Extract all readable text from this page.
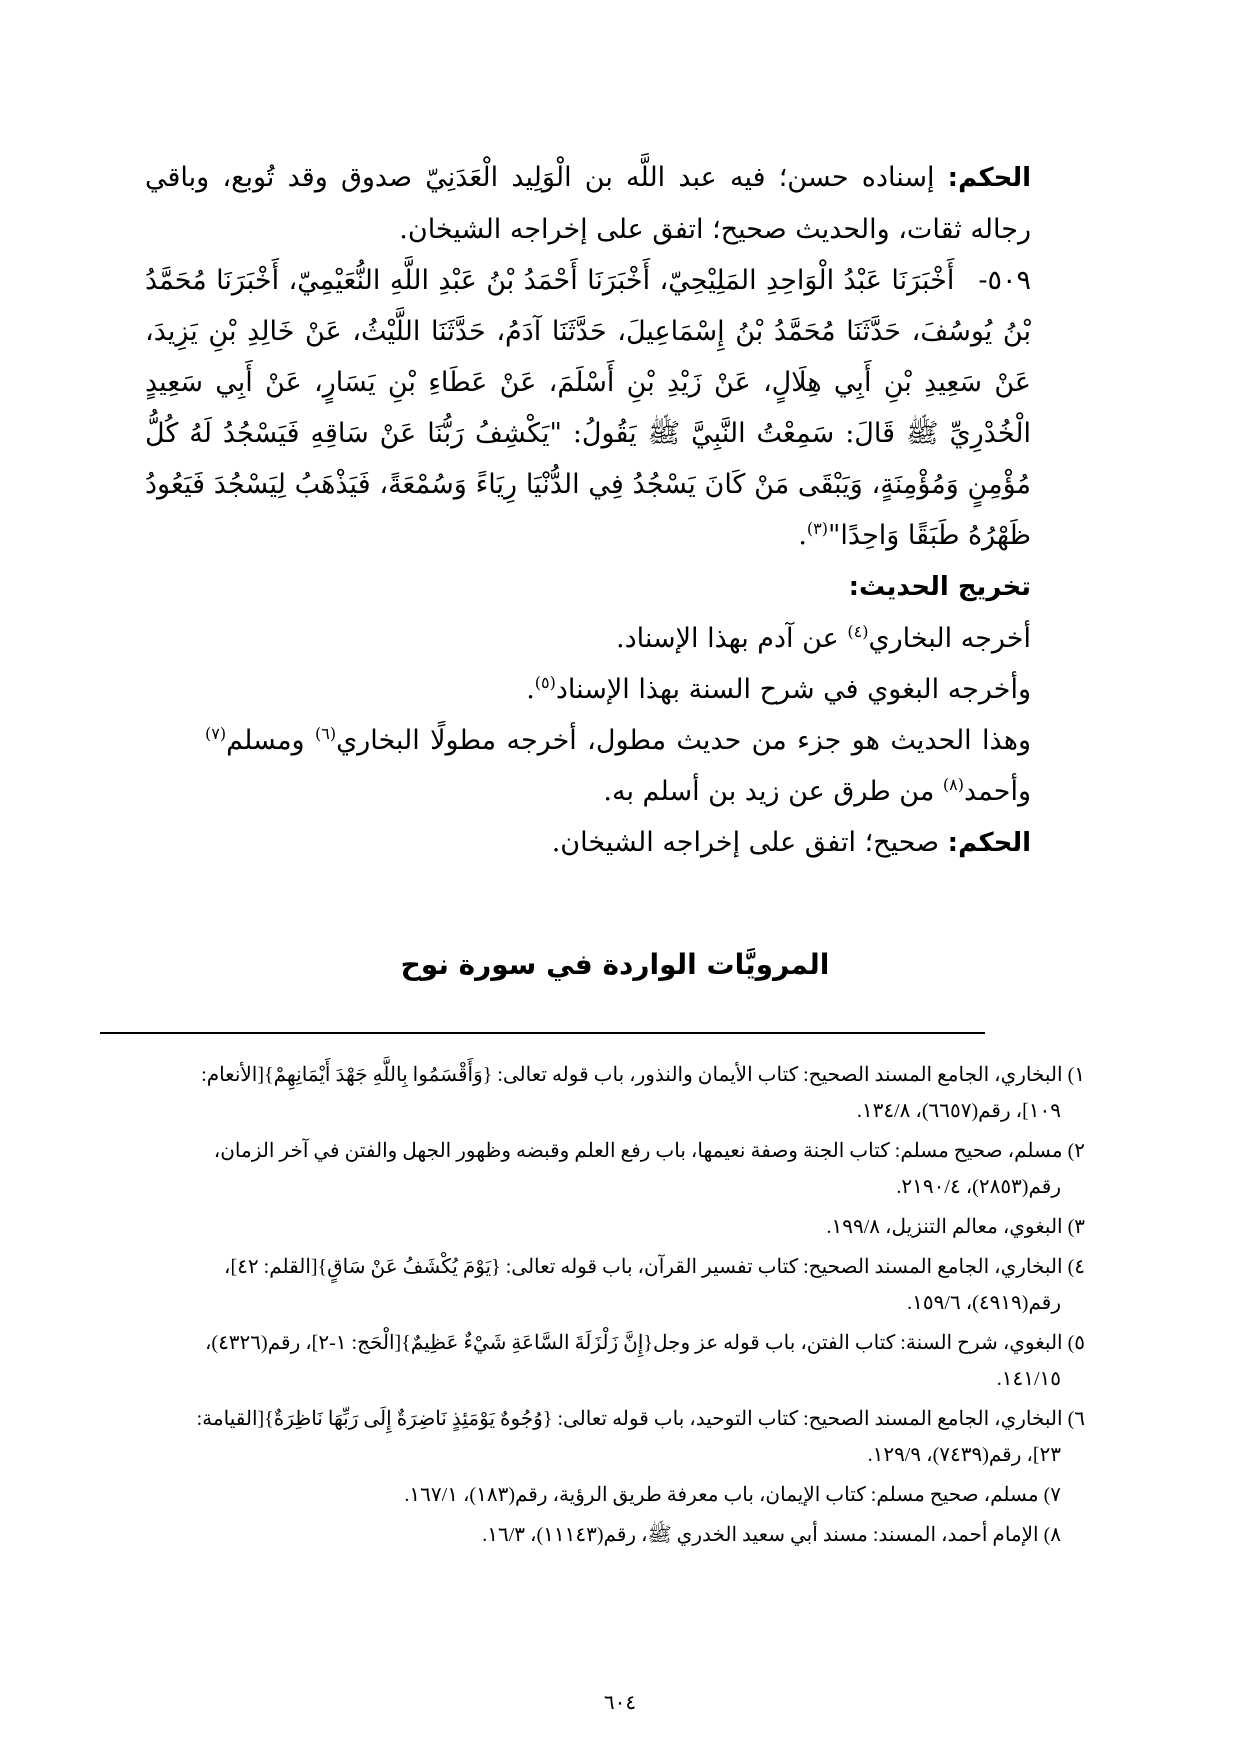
الحكم: إسناده حسن؛ فيه عبد اللَّه بن الْوَلِيد الْعَدَنِيّ صدوق وقد تُوبع، وباقي رجاله ثقات، والحديث صحيح؛ اتفق على إخراجه الشيخان.

٥٠٩-أَخْبَرَنَا عَبْدُ الْوَاحِدِ المَلِيْحِيّ، أَخْبَرَنَا أَحْمَدُ بْنُ عَبْدِ اللَّهِ النُّعَيْمِيّ، أَخْبَرَنَا مُحَمَّدُ بْنُ يُوسُفَ، حَدَّثَنَا مُحَمَّدُ بْنُ إِسْمَاعِيلَ، حَدَّثَنَا آدَمُ، حَدَّثَنَا اللَّيْثُ، عَنْ خَالِدِ بْنِ يَزِيدَ، عَنْ سَعِيدِ بْنِ أَبِي هِلَالٍ، عَنْ زَيْدِ بْنِ أَسْلَمَ، عَنْ عَطَاءِ بْنِ يَسَارٍ، عَنْ أَبِي سَعِيدٍ الْخُدْرِيِّ ﷺ قَالَ: سَمِعْتُ النَّبِيَّ ﷺ يَقُولُ: "يَكْشِفُ رَبُّنَا عَنْ سَاقِهِ فَيَسْجُدُ لَهُ كُلُّ مُؤْمِنٍ وَمُؤْمِنَةٍ، وَيَبْقَى مَنْ كَانَ يَسْجُدُ فِي الدُّنْيَا رِيَاءً وَسُمْعَةً، فَيَذْهَبُ لِيَسْجُدَ فَيَعُودُ ظَهْرُهُ طَبَقًا وَاحِدًا"$^{(٣)}$.

تخريج الحديث:

أخرجه البخاري$^{(٤)}$ عن آدم بهذا الإسناد.

وأخرجه البغوي في شرح السنة بهذا الإسناد$^{(٥)}$.

وهذا الحديث هو جزء من حديث مطول، أخرجه مطولًا البخاري$^{(٦)}$ ومسلم$^{(٧)}$ وأحمد$^{(٨)}$ من طرق عن زيد بن أسلم به.

الحكم: صحيح؛ اتفق على إخراجه الشيخان.

المرويَّات الواردة في سورة نوح
١) البخاري، الجامع المسند الصحيح: كتاب الأيمان والنذور، باب قوله تعالى: {وَأَقْسَمُوا بِاللَّهِ جَهْدَ أَيْمَانِهِمْ}[الأنعام:
١٠٩]، رقم(٦٦٥٧)، ١٣٤/٨.
٢) مسلم، صحيح مسلم: كتاب الجنة وصفة نعيمها، باب رفع العلم وقبضه وظهور الجهل والفتن في آخر الزمان،
رقم(٢٨٥٣)، ٢١٩٠/٤.
٣) البغوي، معالم التنزيل، ١٩٩/٨.
٤) البخاري، الجامع المسند الصحيح: كتاب تفسير القرآن، باب قوله تعالى: {يَوْمَ يُكْشَفُ عَنْ سَاقٍ}[القلم: ٤٢]،
رقم(٤٩١٩)، ١٥٩/٦.
٥) البغوي، شرح السنة: كتاب الفتن، باب قوله عز وجل{إِنَّ زَلْزَلَةَ السَّاعَةِ شَيْءٌ عَظِيمٌ}[الْحَج: ١-٢]، رقم(٤٣٢٦)،
١٤١/١٥.
٦) البخاري، الجامع المسند الصحيح: كتاب التوحيد، باب قوله تعالى: {وُجُوهٌ يَوْمَئِذٍ نَاضِرَةٌ إِلَى رَبِّهَا نَاظِرَةٌ}[القيامة:
٢٣]، رقم(٧٤٣٩)، ١٢٩/٩.
٧) مسلم، صحيح مسلم: كتاب الإيمان، باب معرفة طريق الرؤية، رقم(١٨٣)، ١٦٧/١.
٨) الإمام أحمد، المسند: مسند أبي سعيد الخدري ﷺ، رقم(١١١٤٣)، ١٦/٣.
٦٠٤
